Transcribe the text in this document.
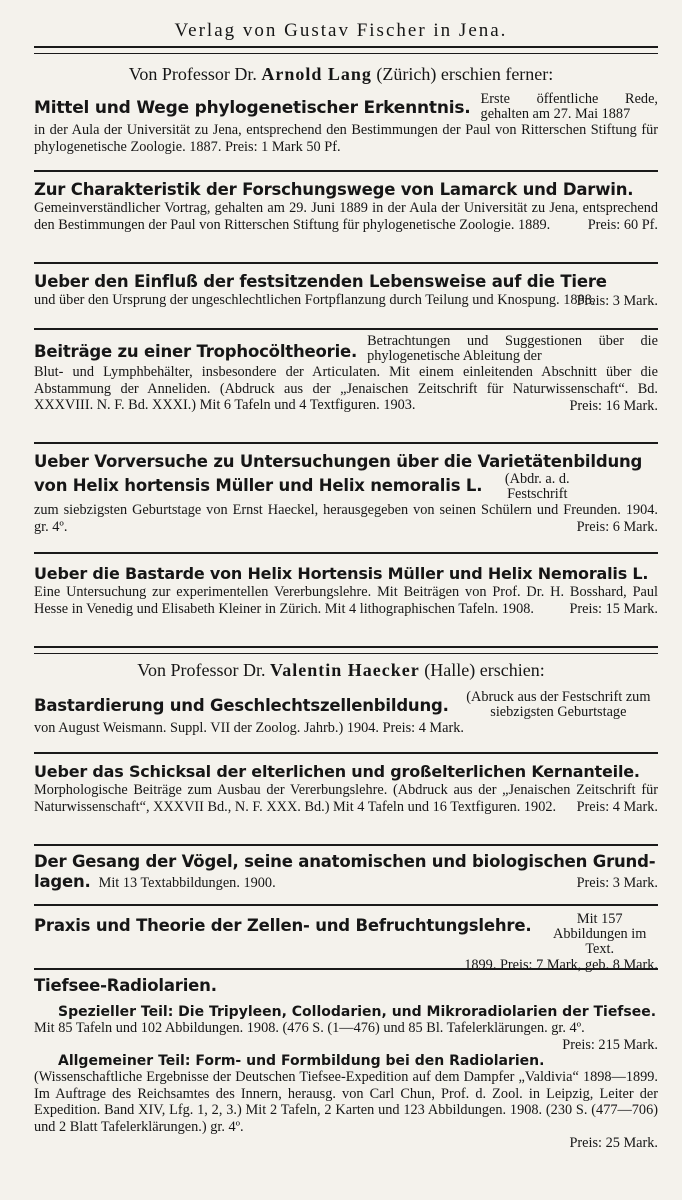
Verlag von Gustav Fischer in Jena.
Von Professor Dr. Arnold Lang (Zürich) erschien ferner:
Mittel und Wege phylogenetischer Erkenntnis. Erste öffentliche Rede, gehalten am 27. Mai 1887
in der Aula der Universität zu Jena, entsprechend den Bestimmungen der Paul von Ritterschen Stiftung für phylogenetische Zoologie. 1887. Preis: 1 Mark 50 Pf.
Zur Charakteristik der Forschungswege von Lamarck und Darwin.
Gemeinverständlicher Vortrag, gehalten am 29. Juni 1889 in der Aula der Universität zu Jena, entsprechend den Bestimmungen der Paul von Ritterschen Stiftung für phylogenetische Zoologie. 1889.	Preis: 60 Pf.
Ueber den Einfluß der festsitzenden Lebensweise auf die Tiere
und über den Ursprung der ungeschlechtlichen Fortpflanzung durch Teilung und Knospung. 1888.
Preis: 3 Mark.
Beiträge zu einer Trophocöltheorie.
Betrachtungen und Suggestionen über die phylogenetische Ableitung der
Blut- und Lymphbehälter, insbesondere der Articulaten. Mit einem einleitenden Abschnitt über die Abstammung der Anneliden. (Abdruck aus der „Jenaischen Zeitschrift für Naturwissenschaft“. Bd. XXXVIII. N. F. Bd. XXXI.) Mit 6 Tafeln und 4 Textfiguren. 1903.	Preis: 16 Mark.
Ueber Vorversuche zu Untersuchungen über die Varietätenbildung
von Helix hortensis Müller und Helix nemoralis L.	(Abdr. a. d. Festschrift
zum siebzigsten Geburtstage von Ernst Haeckel, herausgegeben von seinen Schülern und Freunden. 1904. gr. 4º.	Preis: 6 Mark.
Ueber die Bastarde von Helix Hortensis Müller und Helix Nemoralis L.
Eine Untersuchung zur experimentellen Vererbungslehre. Mit Beiträgen von Prof. Dr. H. Bosshard, Paul Hesse in Venedig und Elisabeth Kleiner in Zürich. Mit 4 lithographischen Tafeln. 1908.	Preis: 15 Mark.
Von Professor Dr. Valentin Haecker (Halle) erschien:
Bastardierung und Geschlechtszellenbildung.	(Abruck aus der Festschrift zum siebzigsten Geburtstage
von August Weismann. Suppl. VII der Zoolog. Jahrb.) 1904. Preis: 4 Mark.
Ueber das Schicksal der elterlichen und großelterlichen Kernanteile.
Morphologische Beiträge zum Ausbau der Vererbungslehre. (Abdruck aus der „Jenaischen Zeitschrift für Naturwissenschaft“, XXXVII Bd., N. F. XXX. Bd.) Mit 4 Tafeln und 16 Textfiguren. 1902.	Preis: 4 Mark.
Der Gesang der Vögel, seine anatomischen und biologischen Grund-
lagen. Mit 13 Textabbildungen. 1900.	Preis: 3 Mark.
Praxis und Theorie der Zellen- und Befruchtungslehre.	Mit 157 Abbildungen im Text.
1899. Preis: 7 Mark, geb. 8 Mark.
Tiefsee-Radiolarien.
Spezieller Teil: Die Tripyleen, Collodarien, und Mikroradiolarien der Tiefsee.
Mit 85 Tafeln und 102 Abbildungen. 1908. (476 S. (1—476) und 85 Bl. Tafelerklärungen. gr. 4º.
Preis: 215 Mark.
Allgemeiner Teil: Form- und Formbildung bei den Radiolarien.
(Wissenschaftliche Ergebnisse der Deutschen Tiefsee-Expedition auf dem Dampfer „Valdivia“ 1898—1899. Im Auftrage des Reichsamtes des Innern, herausg. von Carl Chun, Prof. d. Zool. in Leipzig, Leiter der Expedition. Band XIV, Lfg. 1, 2, 3.) Mit 2 Tafeln, 2 Karten und 123 Abbildungen. 1908. (230 S. (477—706) und 2 Blatt Tafelerklärungen.) gr. 4º.
Preis: 25 Mark.
